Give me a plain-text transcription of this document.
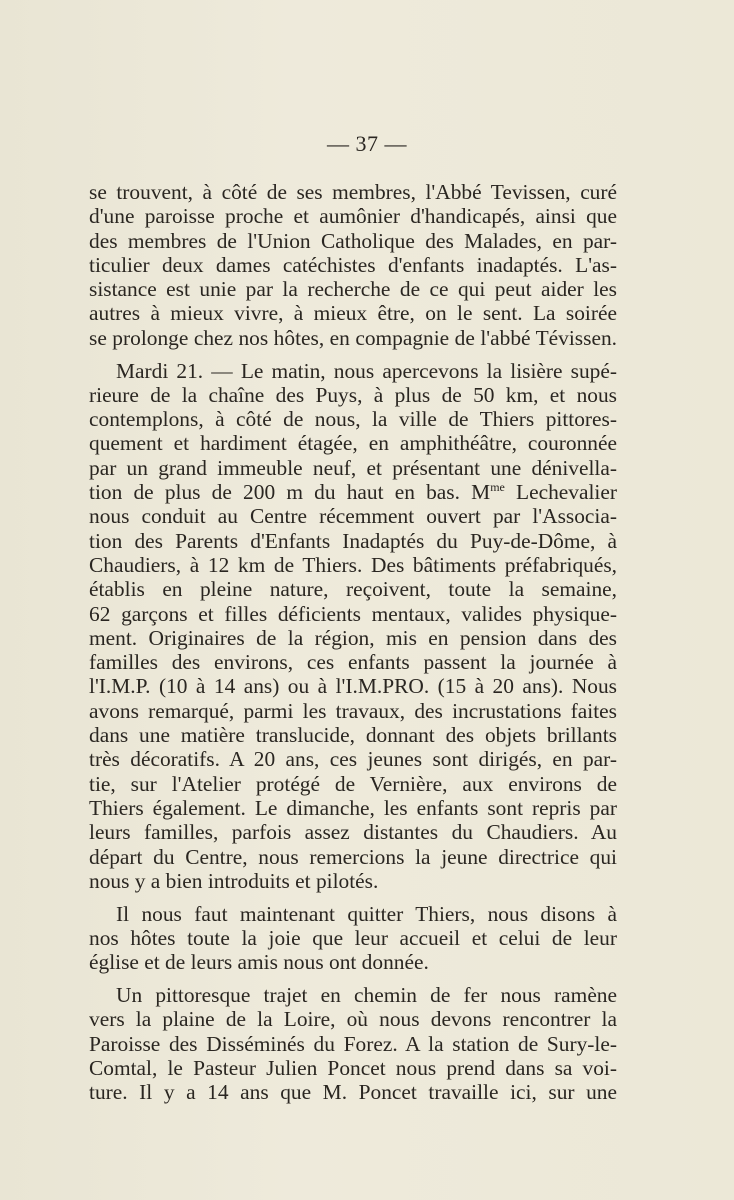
— 37 —

se trouvent, à côté de ses membres, l'Abbé Tevissen, curé
d'une paroisse proche et aumônier d'handicapés, ainsi que
des membres de l'Union Catholique des Malades, en par-
ticulier deux dames catéchistes d'enfants inadaptés. L'as-
sistance est unie par la recherche de ce qui peut aider les
autres à mieux vivre, à mieux être, on le sent. La soirée
se prolonge chez nos hôtes, en compagnie de l'abbé Tévissen.

Mardi 21. — Le matin, nous apercevons la lisière supé-
rieure de la chaîne des Puys, à plus de 50 km, et nous
contemplons, à côté de nous, la ville de Thiers pittores-
quement et hardiment étagée, en amphithéâtre, couronnée
par un grand immeuble neuf, et présentant une dénivella-
tion de plus de 200 m du haut en bas. $M^{me}$ Lechevalier
nous conduit au Centre récemment ouvert par l'Associa-
tion des Parents d'Enfants Inadaptés du Puy-de-Dôme, à
Chaudiers, à 12 km de Thiers. Des bâtiments préfabriqués,
établis en pleine nature, reçoivent, toute la semaine,
62 garçons et filles déficients mentaux, valides physique-
ment. Originaires de la région, mis en pension dans des
familles des environs, ces enfants passent la journée à
l'I.M.P. (10 à 14 ans) ou à l'I.M.PRO. (15 à 20 ans). Nous
avons remarqué, parmi les travaux, des incrustations faites
dans une matière translucide, donnant des objets brillants
très décoratifs. A 20 ans, ces jeunes sont dirigés, en par-
tie, sur l'Atelier protégé de Vernière, aux environs de
Thiers également. Le dimanche, les enfants sont repris par
leurs familles, parfois assez distantes du Chaudiers. Au
départ du Centre, nous remercions la jeune directrice qui
nous y a bien introduits et pilotés.

Il nous faut maintenant quitter Thiers, nous disons à
nos hôtes toute la joie que leur accueil et celui de leur
église et de leurs amis nous ont donnée.

Un pittoresque trajet en chemin de fer nous ramène
vers la plaine de la Loire, où nous devons rencontrer la
Paroisse des Disséminés du Forez. A la station de Sury-le-
Comtal, le Pasteur Julien Poncet nous prend dans sa voi-
ture. Il y a 14 ans que M. Poncet travaille ici, sur une
